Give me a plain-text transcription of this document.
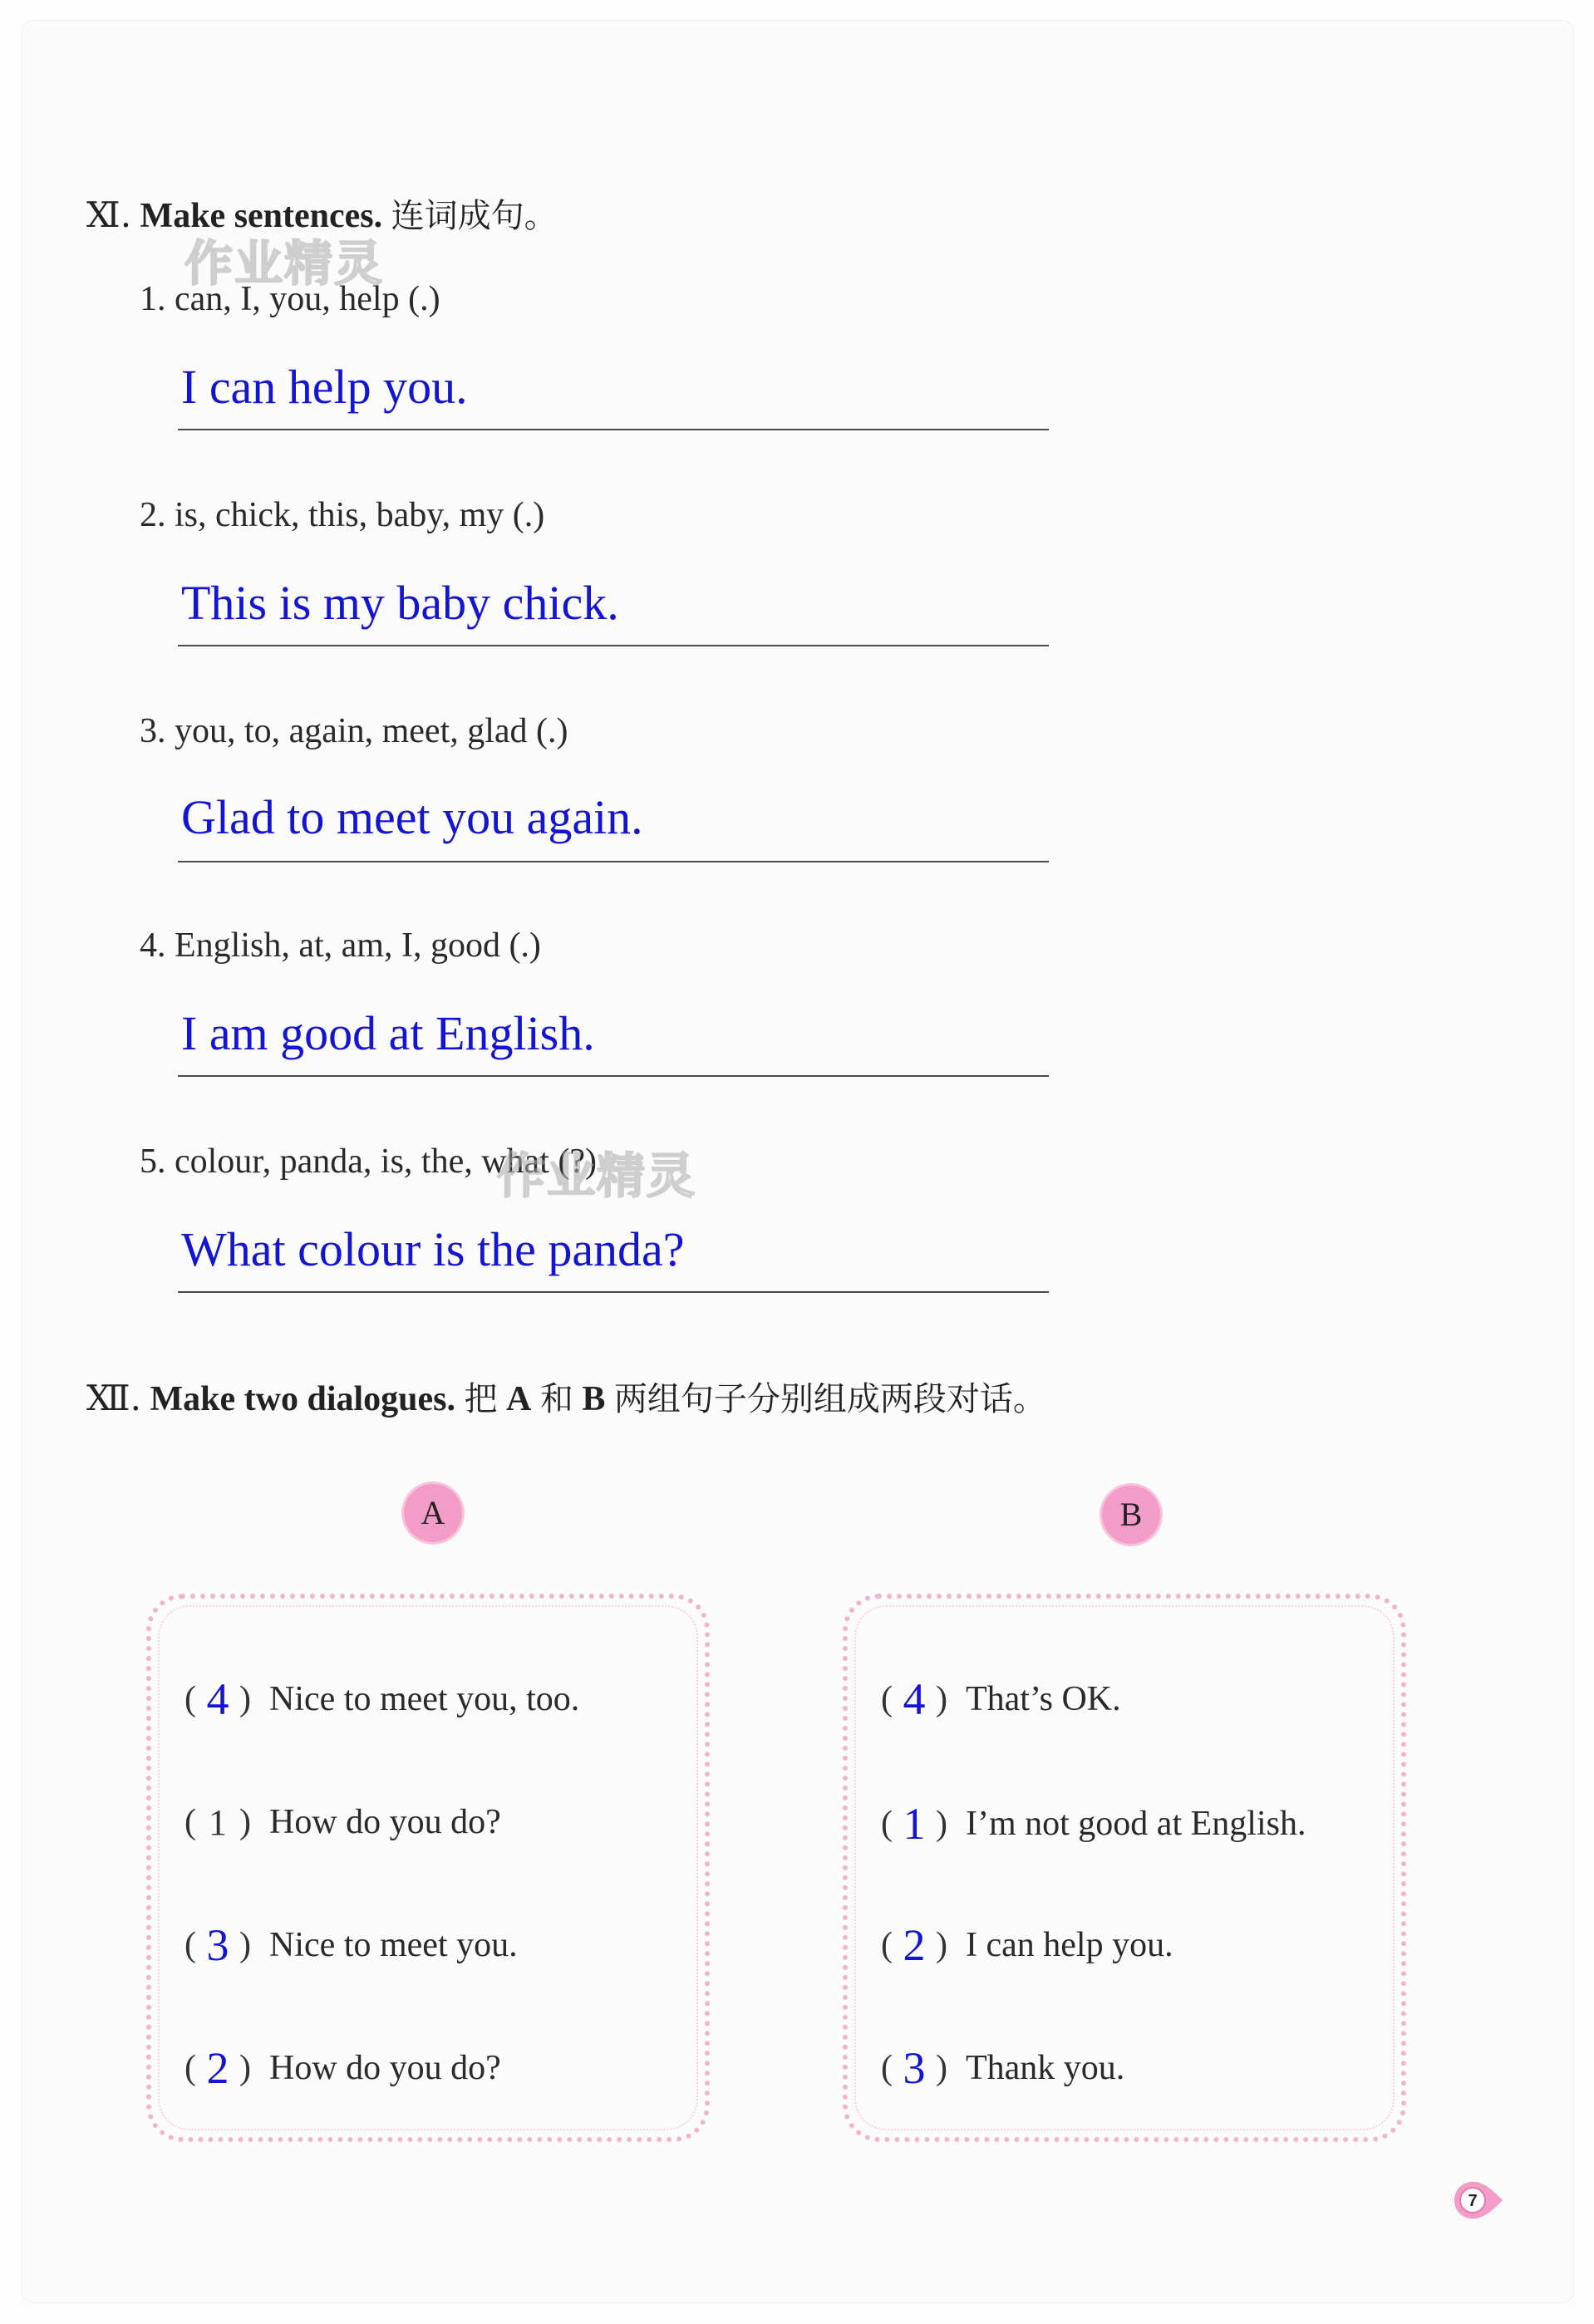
Ⅺ. Make sentences. 连词成句。
作业精灵
1. can, I, you, help (.)
I can help you.
2. is, chick, this, baby, my (.)
This is my baby chick.
3. you, to, again, meet, glad (.)
Glad to meet you again.
4. English, at, am, I, good (.)
I am good at English.
5. colour, panda, is, the, what (?)
作业精灵
What colour is the panda?
Ⅻ. Make two dialogues. 把 A 和 B 两组句子分别组成两段对话。
A	B
( 4 ) Nice to meet you, too.
( 1 ) How do you do?
( 3 ) Nice to meet you.
( 2 ) How do you do?
( 4 ) That’s OK.
( 1 ) I’m not good at English.
( 2 ) I can help you.
( 3 ) Thank you.
7
